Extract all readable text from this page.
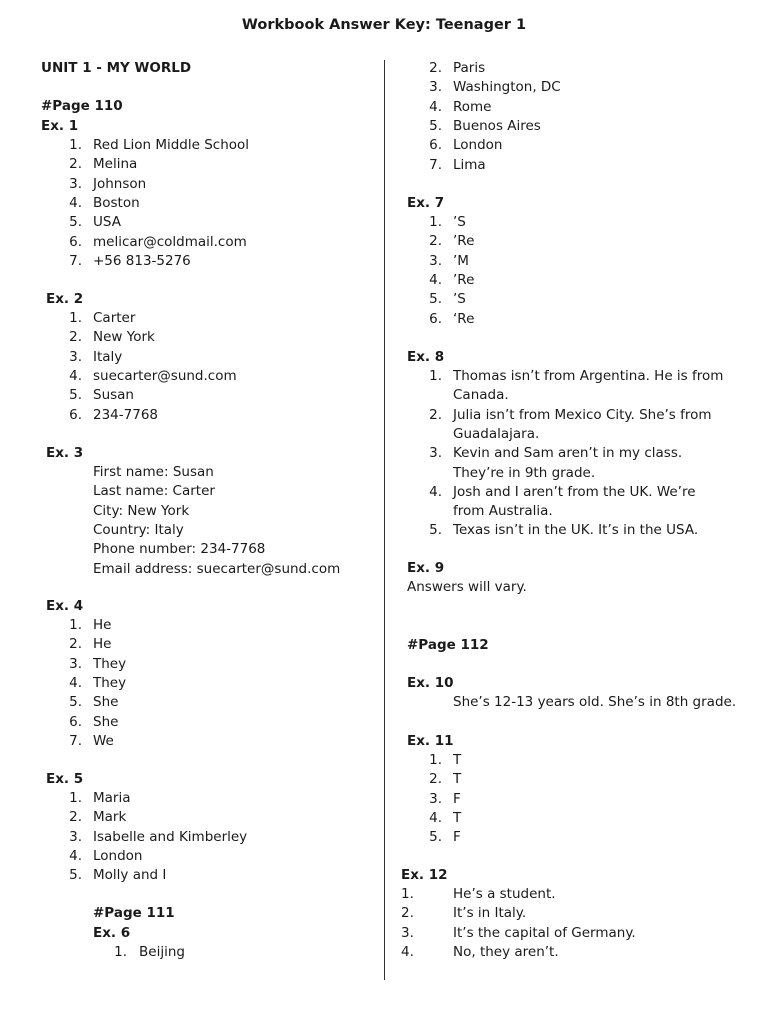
Workbook Answer Key: Teenager 1
UNIT 1 - MY WORLD
#Page 110
Ex. 1
1. Red Lion Middle School
2. Melina
3. Johnson
4. Boston
5. USA
6. melicar@coldmail.com
7. +56 813-5276
Ex. 2
1. Carter
2. New York
3. Italy
4. suecarter@sund.com
5. Susan
6. 234-7768
Ex. 3
First name: Susan
Last name: Carter
City: New York
Country: Italy
Phone number: 234-7768
Email address: suecarter@sund.com
Ex. 4
1. He
2. He
3. They
4. They
5. She
6. She
7. We
Ex. 5
1. Maria
2. Mark
3. Isabelle and Kimberley
4. London
5. Molly and I
#Page 111
Ex. 6
1. Beijing
2. Paris
3. Washington, DC
4. Rome
5. Buenos Aires
6. London
7. Lima
Ex. 7
1. ’S
2. ’Re
3. ’M
4. ’Re
5. ’S
6. ‘Re
Ex. 8
1. Thomas isn’t from Argentina. He is from
Canada.
2. Julia isn’t from Mexico City. She’s from
Guadalajara.
3. Kevin and Sam aren’t in my class.
They’re in 9th grade.
4. Josh and I aren’t from the UK. We’re
from Australia.
5. Texas isn’t in the UK. It’s in the USA.
Ex. 9
Answers will vary.
#Page 112
Ex. 10
She’s 12-13 years old. She’s in 8th grade.
Ex. 11
1. T
2. T
3. F
4. T
5. F
Ex. 12
1.	He’s a student.
2.	It’s in Italy.
3.	It’s the capital of Germany.
4.	No, they aren’t.
